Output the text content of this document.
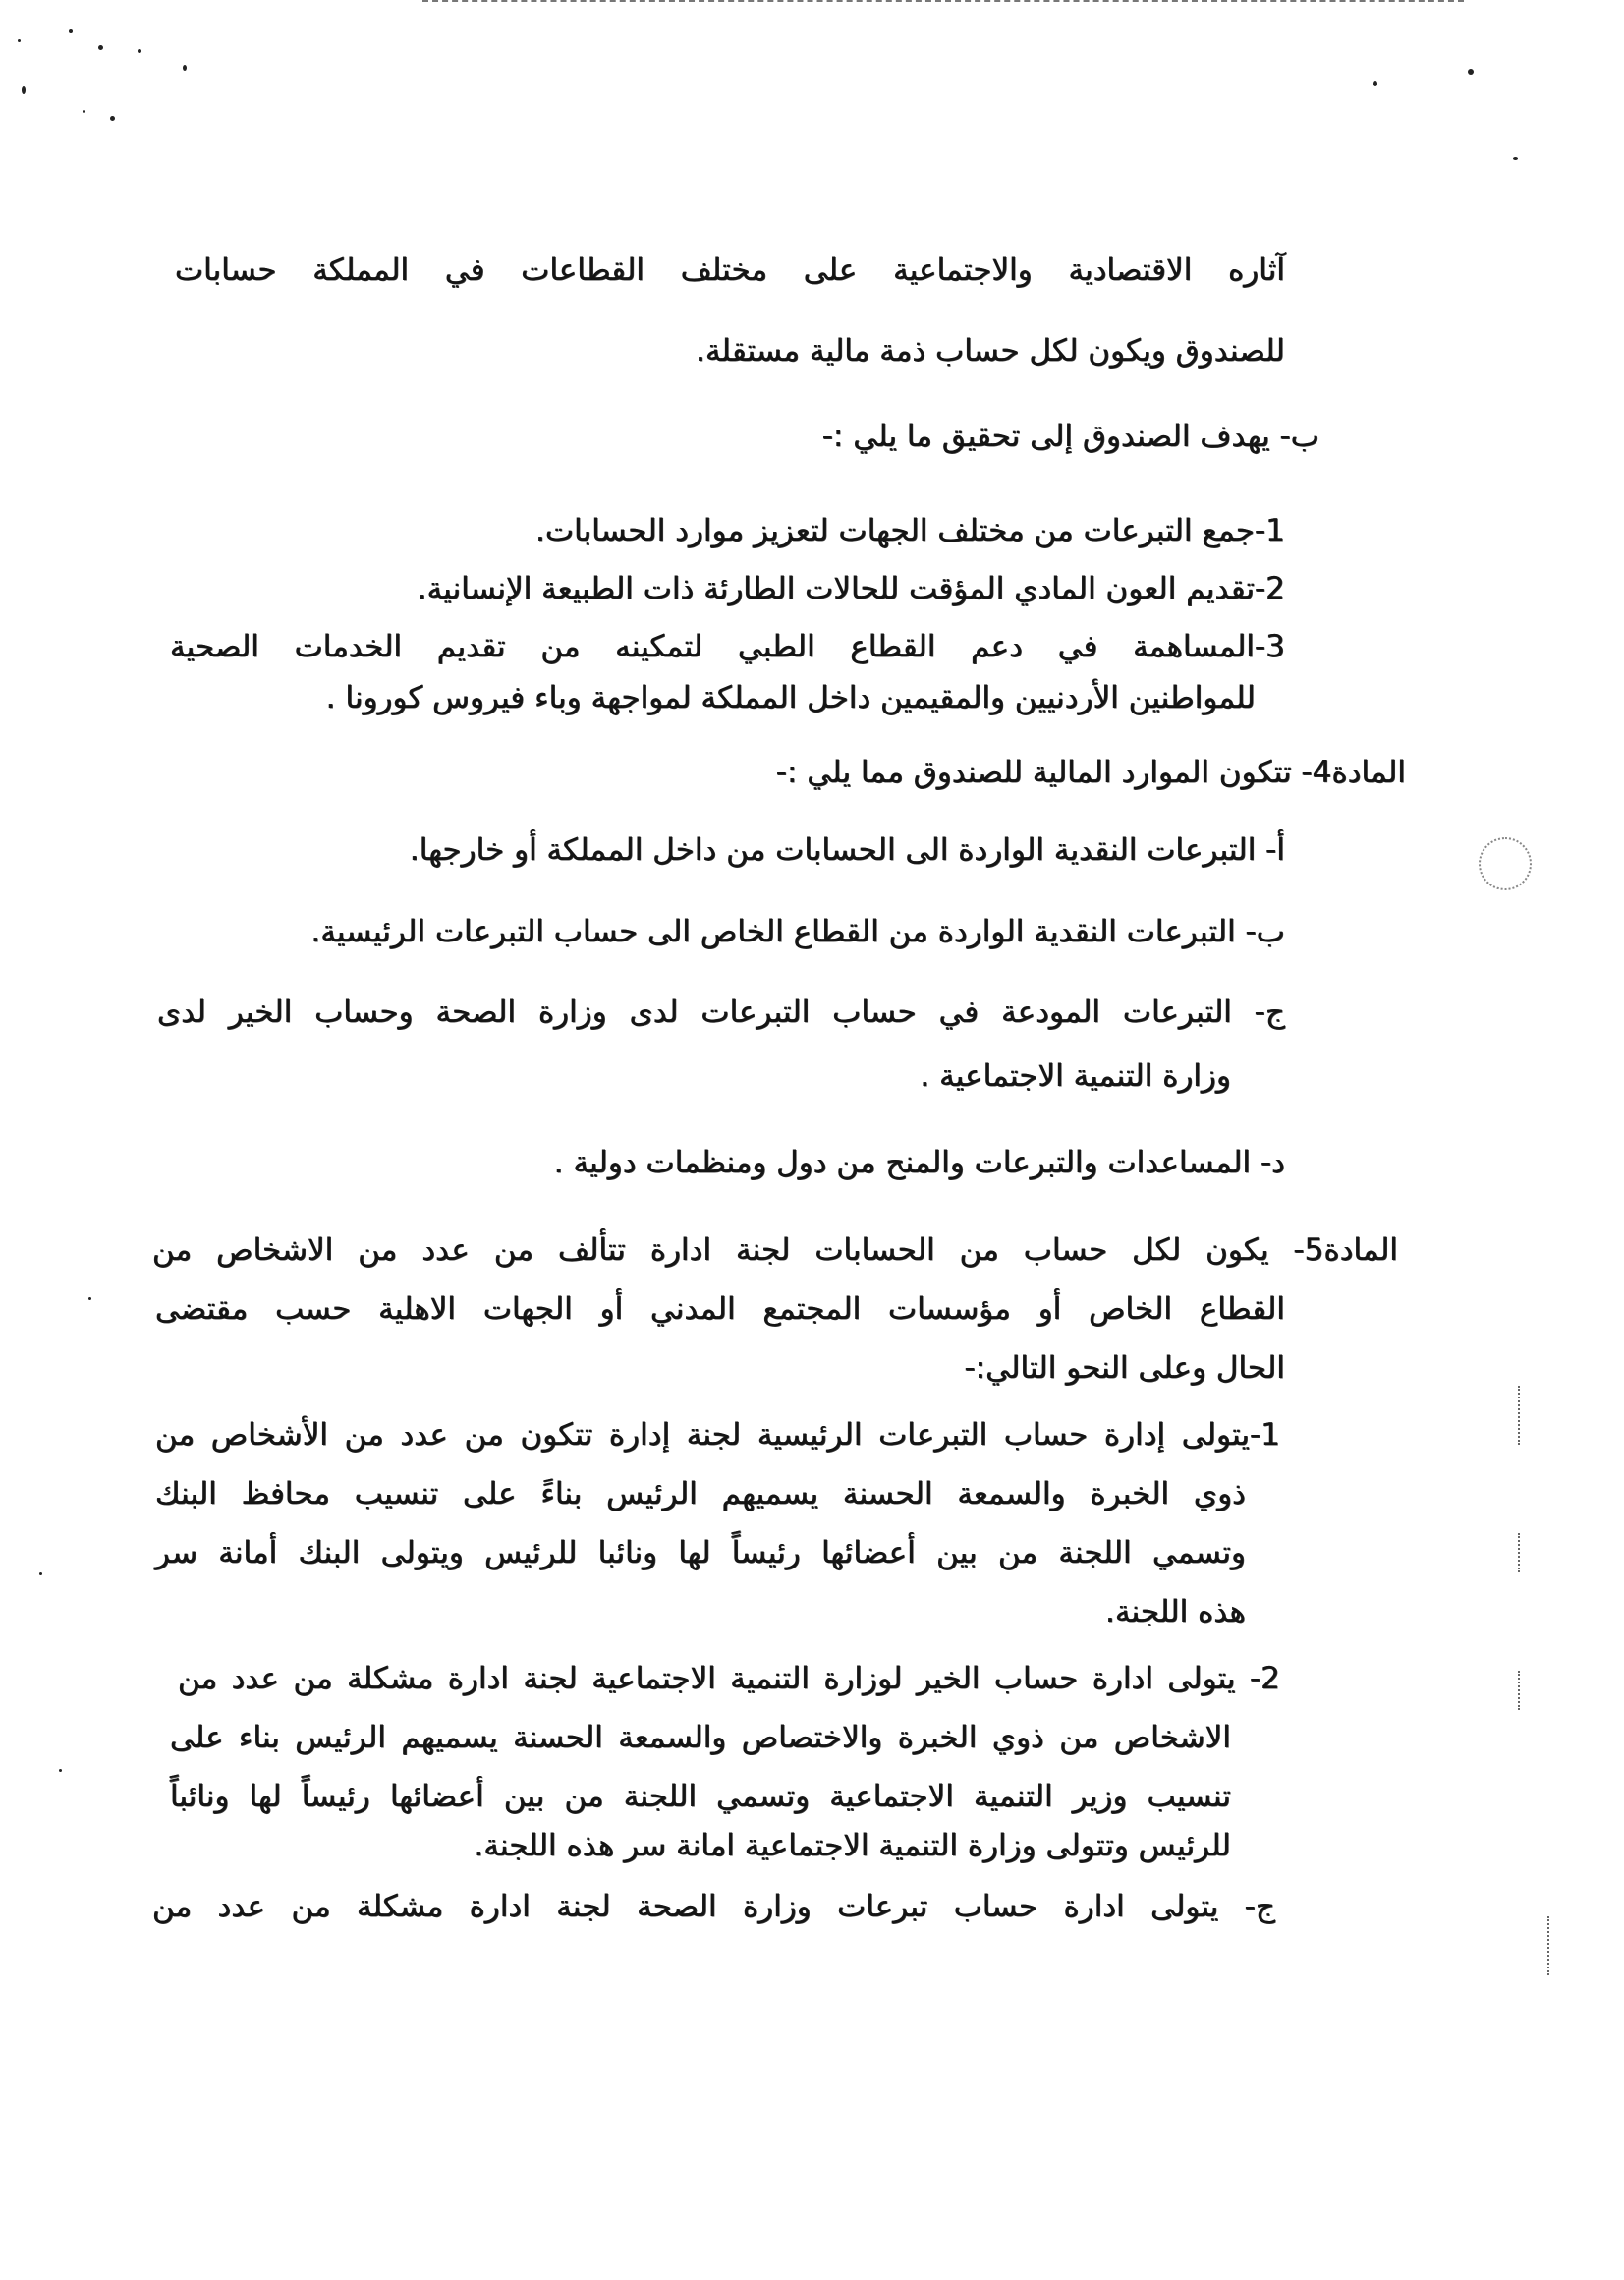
آثاره الاقتصادية والاجتماعية على مختلف القطاعات في المملكة حسابات
للصندوق ويكون لكل حساب ذمة مالية مستقلة.
ب- يهدف الصندوق إلى تحقيق ما يلي :-
1-جمع التبرعات من مختلف الجهات لتعزيز موارد الحسابات.
2-تقديم العون المادي المؤقت للحالات الطارئة ذات الطبيعة الإنسانية.
3-المساهمة في دعم القطاع الطبي لتمكينه من تقديم الخدمات الصحية
للمواطنين الأردنيين والمقيمين داخل المملكة لمواجهة وباء فيروس كورونا .
المادة4- تتكون الموارد المالية للصندوق مما يلي :-
أ- التبرعات النقدية الواردة الى الحسابات من داخل المملكة أو خارجها.
ب- التبرعات النقدية الواردة من القطاع الخاص الى حساب التبرعات الرئيسية.
ج- التبرعات المودعة في حساب التبرعات لدى وزارة الصحة وحساب الخير لدى
وزارة التنمية الاجتماعية .
د- المساعدات والتبرعات والمنح من دول ومنظمات دولية .
المادة5- يكون لكل حساب من الحسابات لجنة ادارة تتألف من عدد من الاشخاص من
القطاع الخاص أو مؤسسات المجتمع المدني أو الجهات الاهلية حسب مقتضى
الحال وعلى النحو التالي:-
1-يتولى إدارة حساب التبرعات الرئيسية لجنة إدارة تتكون من عدد من الأشخاص من
ذوي الخبرة والسمعة الحسنة يسميهم الرئيس بناءً على تنسيب محافظ البنك
وتسمي اللجنة من بين أعضائها رئيساً لها ونائبا للرئيس ويتولى البنك أمانة سر
هذه اللجنة.
2- يتولى ادارة حساب الخير لوزارة التنمية الاجتماعية لجنة ادارة مشكلة من عدد من
الاشخاص من ذوي الخبرة والاختصاص والسمعة الحسنة يسميهم الرئيس بناء على
تنسيب وزير التنمية الاجتماعية وتسمي اللجنة من بين أعضائها رئيساً لها ونائباً
للرئيس وتتولى وزارة التنمية الاجتماعية امانة سر هذه اللجنة.
ج- يتولى ادارة حساب تبرعات وزارة الصحة لجنة ادارة مشكلة من عدد من
